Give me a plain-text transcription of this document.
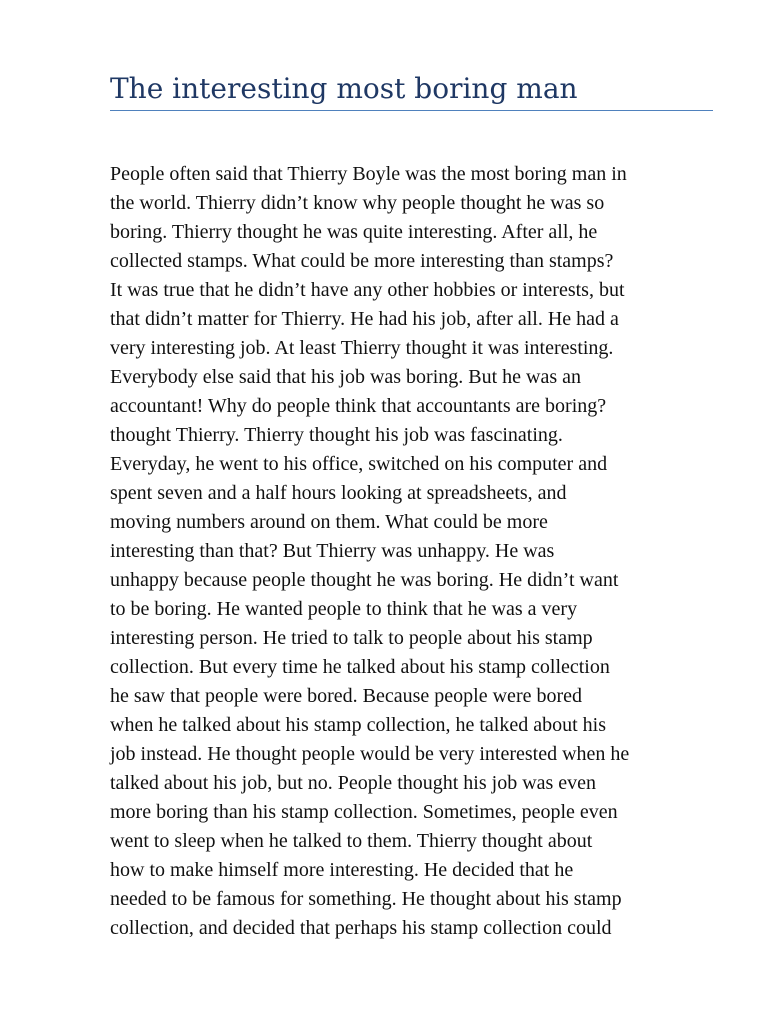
The interesting most boring man

People often said that Thierry Boyle was the most boring man in
the world. Thierry didn’t know why people thought he was so
boring. Thierry thought he was quite interesting. After all, he
collected stamps. What could be more interesting than stamps?
It was true that he didn’t have any other hobbies or interests, but
that didn’t matter for Thierry. He had his job, after all. He had a
very interesting job. At least Thierry thought it was interesting.
Everybody else said that his job was boring. But he was an
accountant! Why do people think that accountants are boring?
thought Thierry. Thierry thought his job was fascinating.
Everyday, he went to his office, switched on his computer and
spent seven and a half hours looking at spreadsheets, and
moving numbers around on them. What could be more
interesting than that? But Thierry was unhappy. He was
unhappy because people thought he was boring. He didn’t want
to be boring. He wanted people to think that he was a very
interesting person. He tried to talk to people about his stamp
collection. But every time he talked about his stamp collection
he saw that people were bored. Because people were bored
when he talked about his stamp collection, he talked about his
job instead. He thought people would be very interested when he
talked about his job, but no. People thought his job was even
more boring than his stamp collection. Sometimes, people even
went to sleep when he talked to them. Thierry thought about
how to make himself more interesting. He decided that he
needed to be famous for something. He thought about his stamp
collection, and decided that perhaps his stamp collection could
